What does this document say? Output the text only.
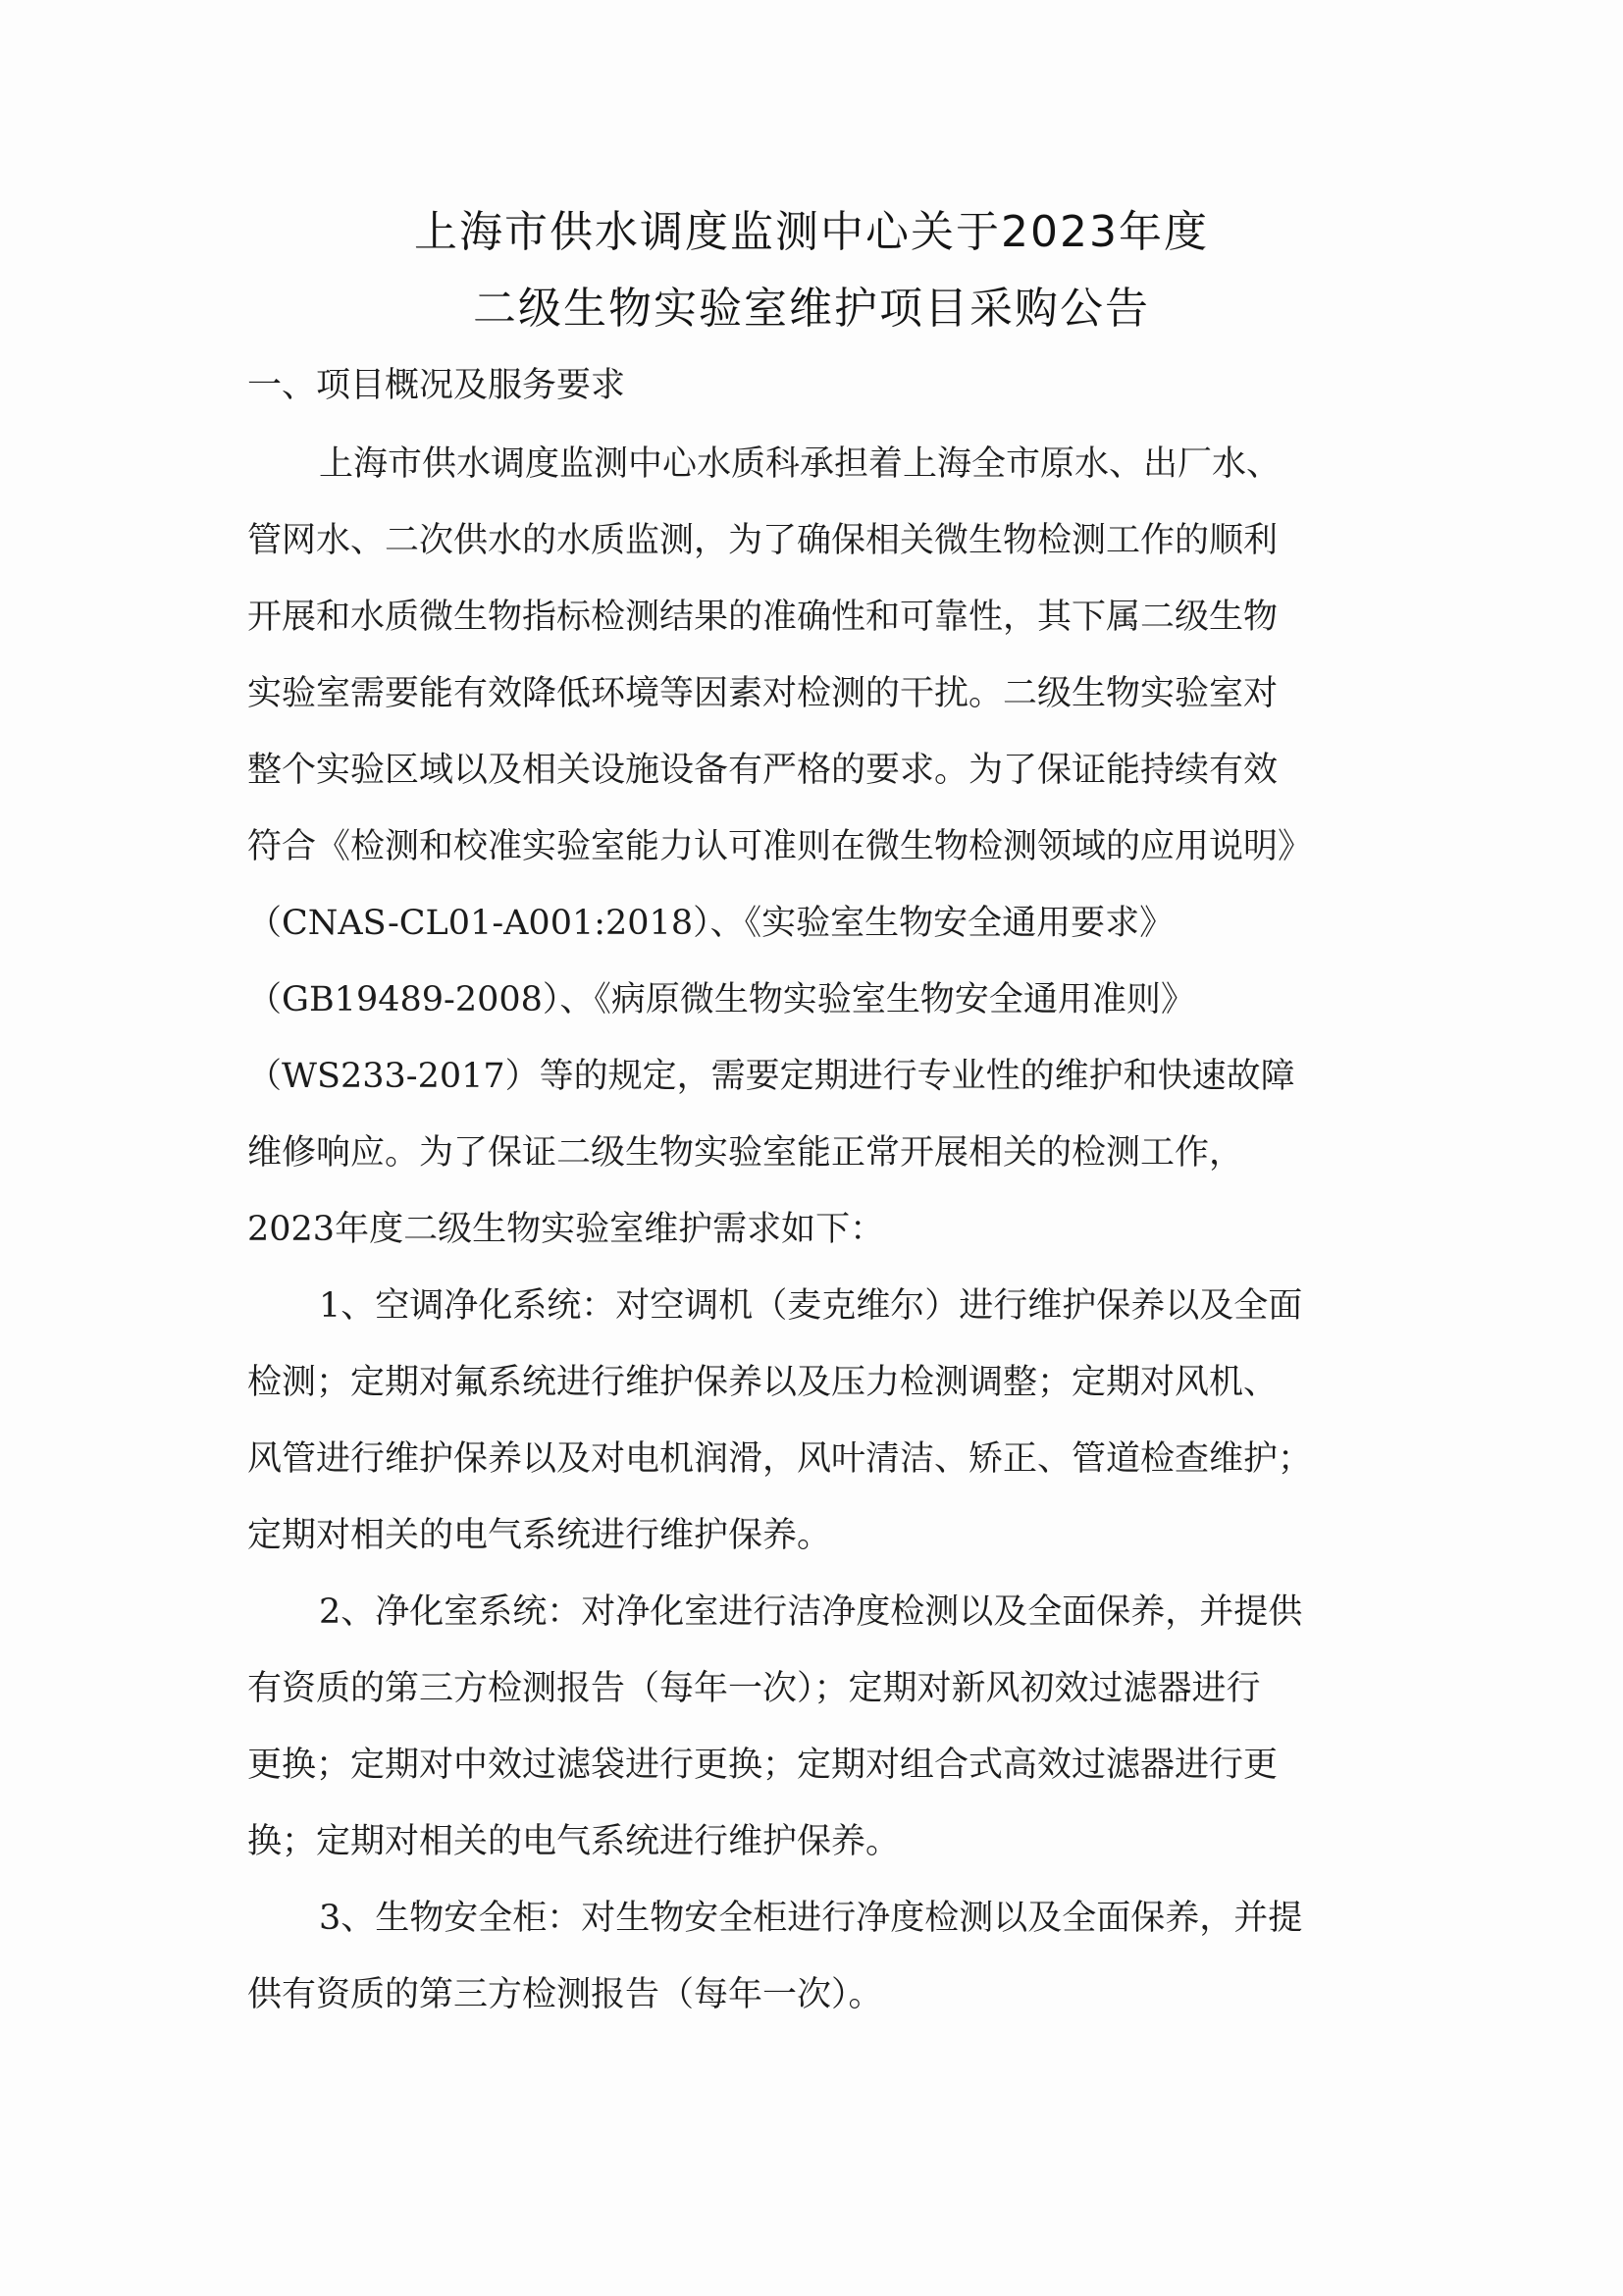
上海市供水调度监测中心关于2023年度
二级生物实验室维护项目采购公告
一、项目概况及服务要求
上海市供水调度监测中心水质科承担着上海全市原水、出厂水、
管网水、二次供水的水质监测，为了确保相关微生物检测工作的顺利
开展和水质微生物指标检测结果的准确性和可靠性，其下属二级生物
实验室需要能有效降低环境等因素对检测的干扰。二级生物实验室对
整个实验区域以及相关设施设备有严格的要求。为了保证能持续有效
符合《检测和校准实验室能力认可准则在微生物检测领域的应用说明》
（CNAS-CL01-A001:2018）、《实验室生物安全通用要求》
（GB19489-2008）、《病原微生物实验室生物安全通用准则》
（WS233-2017）等的规定，需要定期进行专业性的维护和快速故障
维修响应。为了保证二级生物实验室能正常开展相关的检测工作，
2023年度二级生物实验室维护需求如下：
1、空调净化系统：对空调机（麦克维尔）进行维护保养以及全面
检测；定期对氟系统进行维护保养以及压力检测调整；定期对风机、
风管进行维护保养以及对电机润滑，风叶清洁、矫正、管道检查维护；
定期对相关的电气系统进行维护保养。
2、净化室系统：对净化室进行洁净度检测以及全面保养，并提供
有资质的第三方检测报告（每年一次）；定期对新风初效过滤器进行
更换；定期对中效过滤袋进行更换；定期对组合式高效过滤器进行更
换；定期对相关的电气系统进行维护保养。
3、生物安全柜：对生物安全柜进行净度检测以及全面保养，并提
供有资质的第三方检测报告（每年一次）。
